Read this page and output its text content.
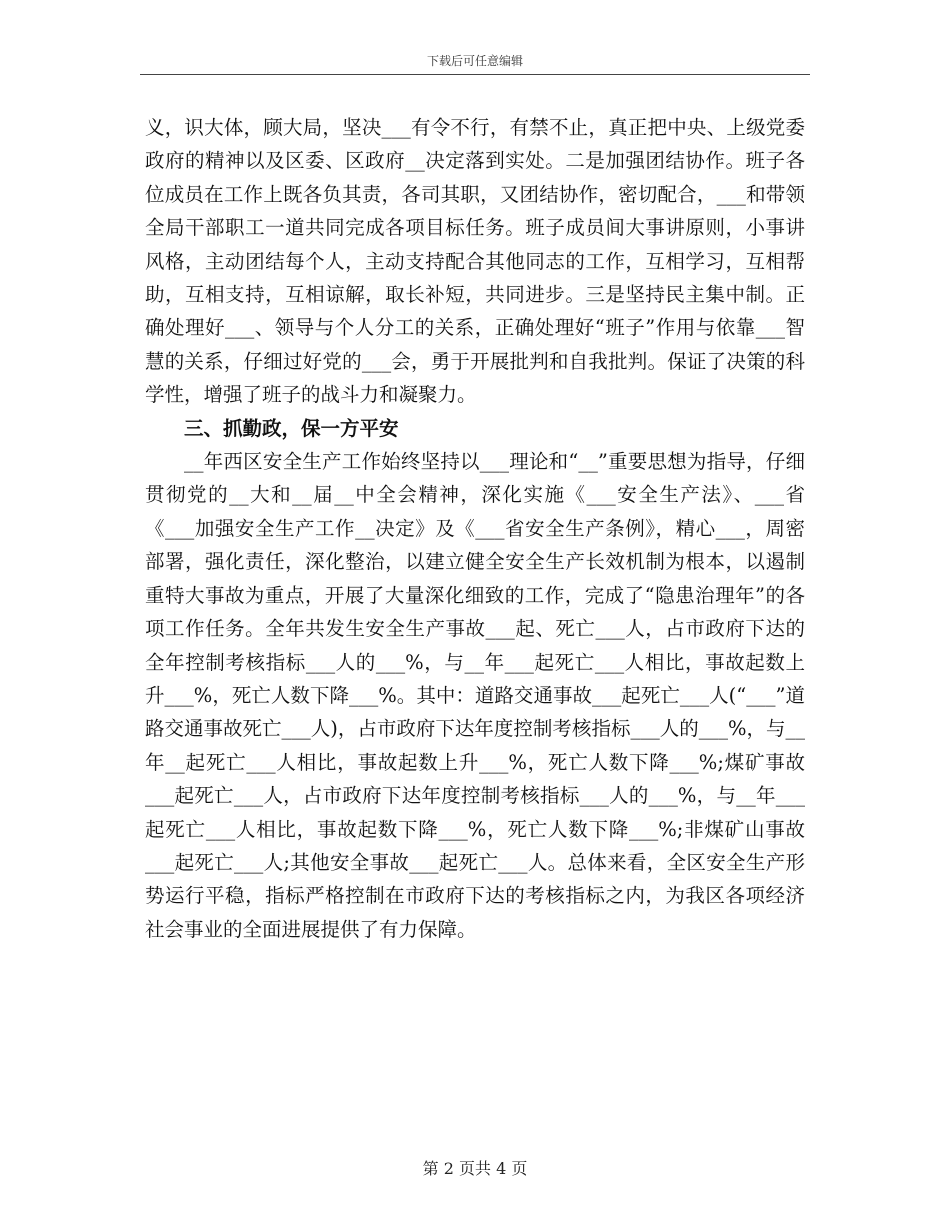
下载后可任意编辑

义，识大体，顾大局，坚决___有令不行，有禁不止，真正把中央、上级党委政府的精神以及区委、区政府__决定落到实处。二是加强团结协作。班子各位成员在工作上既各负其责，各司其职，又团结协作，密切配合，___和带领全局干部职工一道共同完成各项目标任务。班子成员间大事讲原则，小事讲风格，主动团结每个人，主动支持配合其他同志的工作，互相学习，互相帮助，互相支持，互相谅解，取长补短，共同进步。三是坚持民主集中制。正确处理好___、领导与个人分工的关系，正确处理好“班子”作用与依靠___智慧的关系，仔细过好党的___会，勇于开展批判和自我批判。保证了决策的科学性，增强了班子的战斗力和凝聚力。

三、抓勤政，保一方平安

__年西区安全生产工作始终坚持以___理论和“__”重要思想为指导，仔细贯彻党的__大和__届__中全会精神，深化实施《___安全生产法》、___省《___加强安全生产工作__决定》及《___省安全生产条例》，精心___，周密部署，强化责任，深化整治，以建立健全安全生产长效机制为根本，以遏制重特大事故为重点，开展了大量深化细致的工作，完成了“隐患治理年”的各项工作任务。全年共发生安全生产事故___起、死亡___人，占市政府下达的全年控制考核指标___人的___%，与__年___起死亡___人相比，事故起数上升___%，死亡人数下降___%。其中：道路交通事故___起死亡___人(“___”道路交通事故死亡___人)，占市政府下达年度控制考核指标___人的___%，与__年__起死亡___人相比，事故起数上升___%，死亡人数下降___%;煤矿事故___起死亡___人，占市政府下达年度控制考核指标___人的___%，与__年___起死亡___人相比，事故起数下降___%，死亡人数下降___%;非煤矿山事故___起死亡___人;其他安全事故___起死亡___人。总体来看，全区安全生产形势运行平稳，指标严格控制在市政府下达的考核指标之内，为我区各项经济社会事业的全面进展提供了有力保障。

第 2 页共 4 页
